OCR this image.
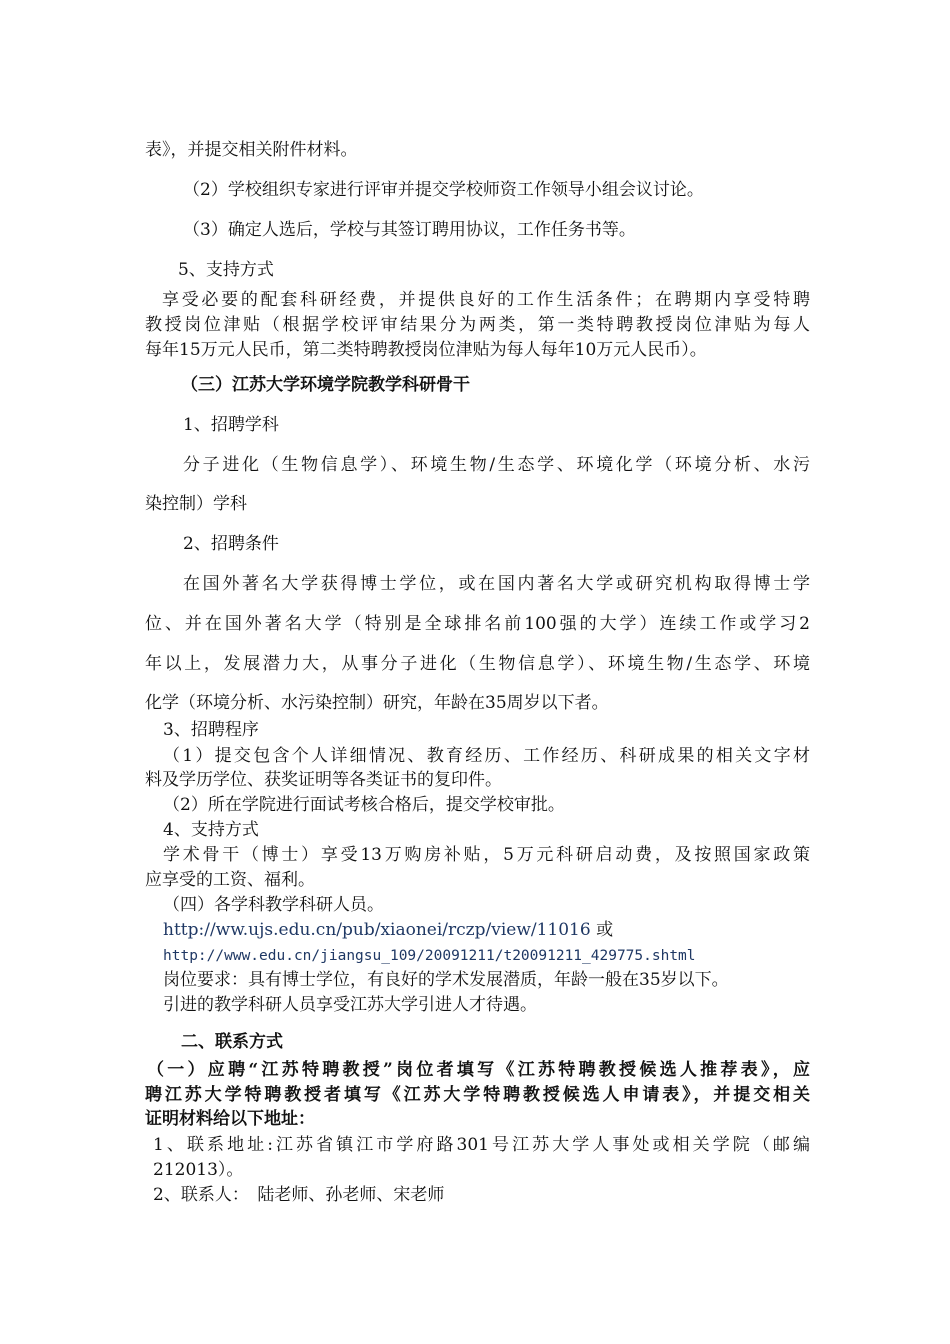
表》，并提交相关附件材料。
（2）学校组织专家进行评审并提交学校师资工作领导小组会议讨论。
（3）确定人选后，学校与其签订聘用协议，工作任务书等。
5、支持方式
享受必要的配套科研经费，并提供良好的工作生活条件；在聘期内享受特聘
教授岗位津贴（根据学校评审结果分为两类，第一类特聘教授岗位津贴为每人
每年15万元人民币，第二类特聘教授岗位津贴为每人每年10万元人民币）。
（三）江苏大学环境学院教学科研骨干
1、招聘学科
分子进化（生物信息学）、环境生物/生态学、环境化学（环境分析、水污
染控制）学科
2、招聘条件
在国外著名大学获得博士学位，或在国内著名大学或研究机构取得博士学
位、并在国外著名大学（特别是全球排名前100强的大学）连续工作或学习2
年以上，发展潜力大，从事分子进化（生物信息学）、环境生物/生态学、环境
化学（环境分析、水污染控制）研究，年龄在35周岁以下者。
3、招聘程序
（1）提交包含个人详细情况、教育经历、工作经历、科研成果的相关文字材
料及学历学位、获奖证明等各类证书的复印件。
（2）所在学院进行面试考核合格后，提交学校审批。
4、支持方式
学术骨干（博士）享受13万购房补贴，5万元科研启动费，及按照国家政策
应享受的工资、福利。
（四）各学科教学科研人员。
http://ww.ujs.edu.cn/pub/xiaonei/rczp/view/11016 或
http://www.edu.cn/jiangsu_109/20091211/t20091211_429775.shtml
岗位要求：具有博士学位，有良好的学术发展潜质，年龄一般在35岁以下。
引进的教学科研人员享受江苏大学引进人才待遇。
二、联系方式
（一）应聘“江苏特聘教授”岗位者填写《江苏特聘教授候选人推荐表》，应
聘江苏大学特聘教授者填写《江苏大学特聘教授候选人申请表》，并提交相关
证明材料给以下地址：
1、联系地址:江苏省镇江市学府路301号江苏大学人事处或相关学院（邮编
212013）。
2、联系人：　陆老师、孙老师、宋老师
